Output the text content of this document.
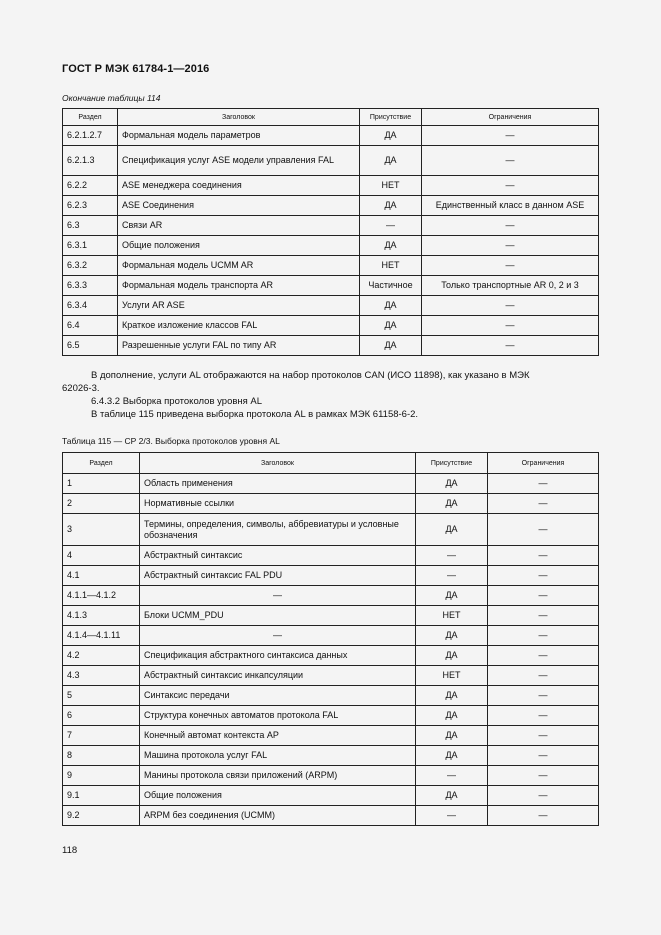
ГОСТ Р МЭК 61784-1—2016
Окончание таблицы 114
Раздел	Заголовок	Присутствие	Ограничения
6.2.1.2.7	Формальная модель параметров	ДА	—
6.2.1.3	Спецификация услуг ASE модели управления FAL	ДА	—
6.2.2	ASE менеджера соединения	НЕТ	—
6.2.3	ASE Соединения	ДА	Единственный класс в данном ASE
6.3	Связи AR	—	—
6.3.1	Общие положения	ДА	—
6.3.2	Формальная модель UCMM AR	НЕТ	—
6.3.3	Формальная модель транспорта AR	Частичное	Только транспортные AR 0, 2 и 3
6.3.4	Услуги AR ASE	ДА	—
6.4	Краткое изложение классов FAL	ДА	—
6.5	Разрешенные услуги FAL по типу AR	ДА	—
В дополнение, услуги AL отображаются на набор протоколов CAN (ИСО 11898), как указано в МЭК
62026-3.
6.4.3.2 Выборка протоколов уровня AL
В таблице 115 приведена выборка протокола AL в рамках МЭК 61158-6-2.
Таблица 115 — СР 2/3. Выборка протоколов уровня AL
Раздел	Заголовок	Присутствие	Ограничения
1	Область применения	ДА	—
2	Нормативные ссылки	ДА	—
3	Термины, определения, символы, аббревиатуры и условные обозначения	ДА	—
4	Абстрактный синтаксис	—	—
4.1	Абстрактный синтаксис FAL PDU	—	—
4.1.1—4.1.2	—	ДА	—
4.1.3	Блоки UCMM_PDU	НЕТ	—
4.1.4—4.1.11	—	ДА	—
4.2	Спецификация абстрактного синтаксиса данных	ДА	—
4.3	Абстрактный синтаксис инкапсуляции	НЕТ	—
5	Синтаксис передачи	ДА	—
6	Структура конечных автоматов протокола FAL	ДА	—
7	Конечный автомат контекста AP	ДА	—
8	Машина протокола услуг FAL	ДА	—
9	Манины протокола связи приложений (ARPM)	—	—
9.1	Общие положения	ДА	—
9.2	ARPM без соединения (UCMM)	—	—
118
